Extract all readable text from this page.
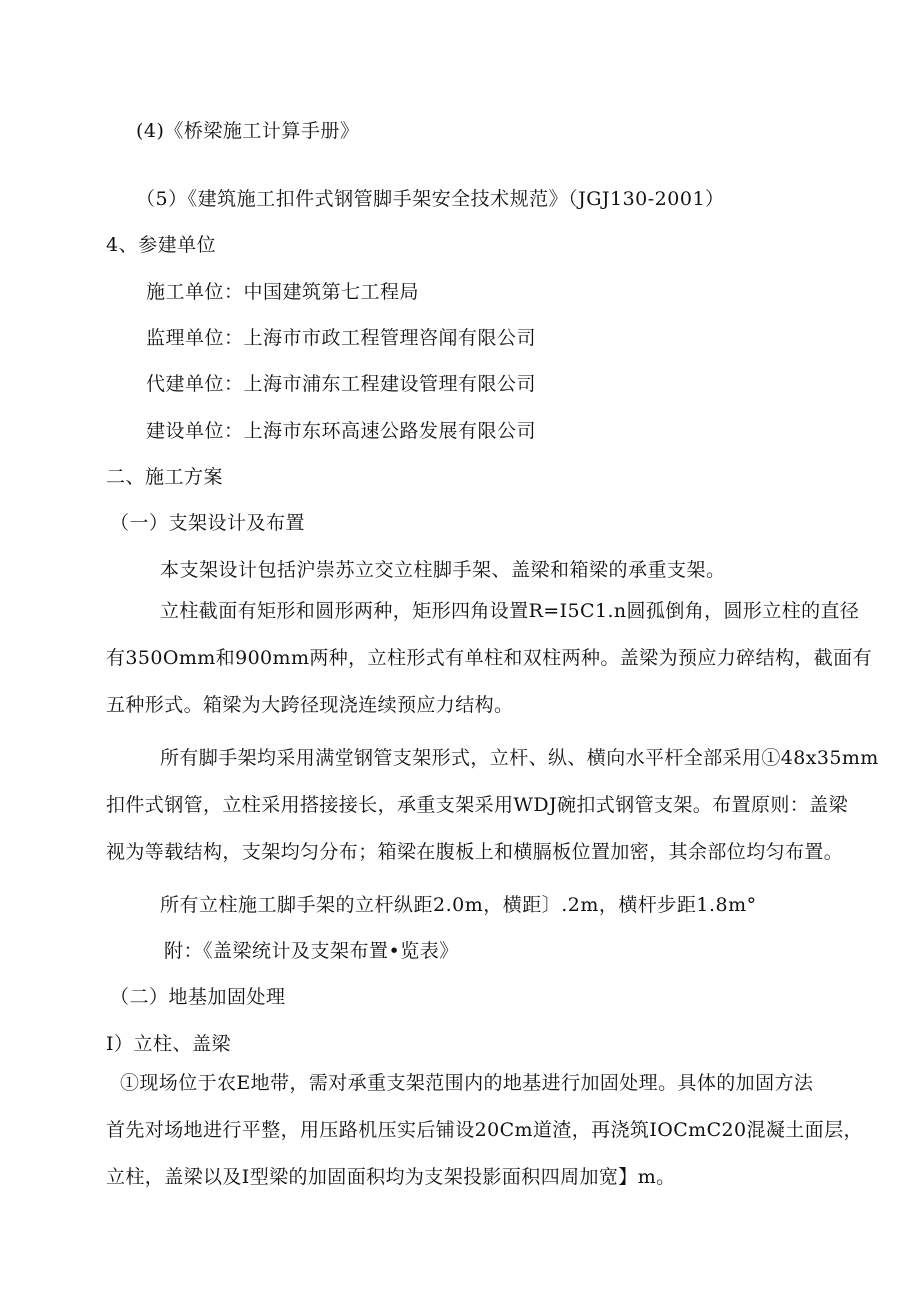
(4)《桥梁施工计算手册》
（5）《建筑施工扣件式钢管脚手架安全技术规范》（JGJ130-2001）
4、参建单位
施工单位：中国建筑第七工程局
监理单位：上海市市政工程管理咨闻有限公司
代建单位：上海市浦东工程建设管理有限公司
建设单位：上海市东环高速公路发展有限公司
二、施工方案
（一）支架设计及布置
本支架设计包括沪崇苏立交立柱脚手架、盖梁和箱梁的承重支架。
立柱截面有矩形和圆形两种，矩形四角设置R=I5C1.n圆孤倒角，圆形立柱的直径
有350Omm和900mm两种，立柱形式有单柱和双柱两种。盖梁为预应力碎结构，截面有
五种形式。箱梁为大跨径现浇连续预应力结构。
所有脚手架均采用满堂钢管支架形式，立杆、纵、横向水平杆全部采用①48x35mm
扣件式钢管，立柱采用搭接接长，承重支架采用WDJ碗扣式钢管支架。布置原则：盖梁
视为等载结构，支架均匀分布；箱梁在腹板上和横膈板位置加密，其余部位均匀布置。
所有立柱施工脚手架的立杆纵距2.0m，横距〕.2m，横杆步距1.8m°
附：《盖梁统计及支架布置•览表》
（二）地基加固处理
I）立柱、盖梁
①现场位于农E地带，需对承重支架范围内的地基进行加固处理。具体的加固方法
首先对场地进行平整，用压路机压实后铺设20Cm道渣，再浇筑IOCmC20混凝土面层，
立柱，盖梁以及I型梁的加固面积均为支架投影面积四周加宽】m。
